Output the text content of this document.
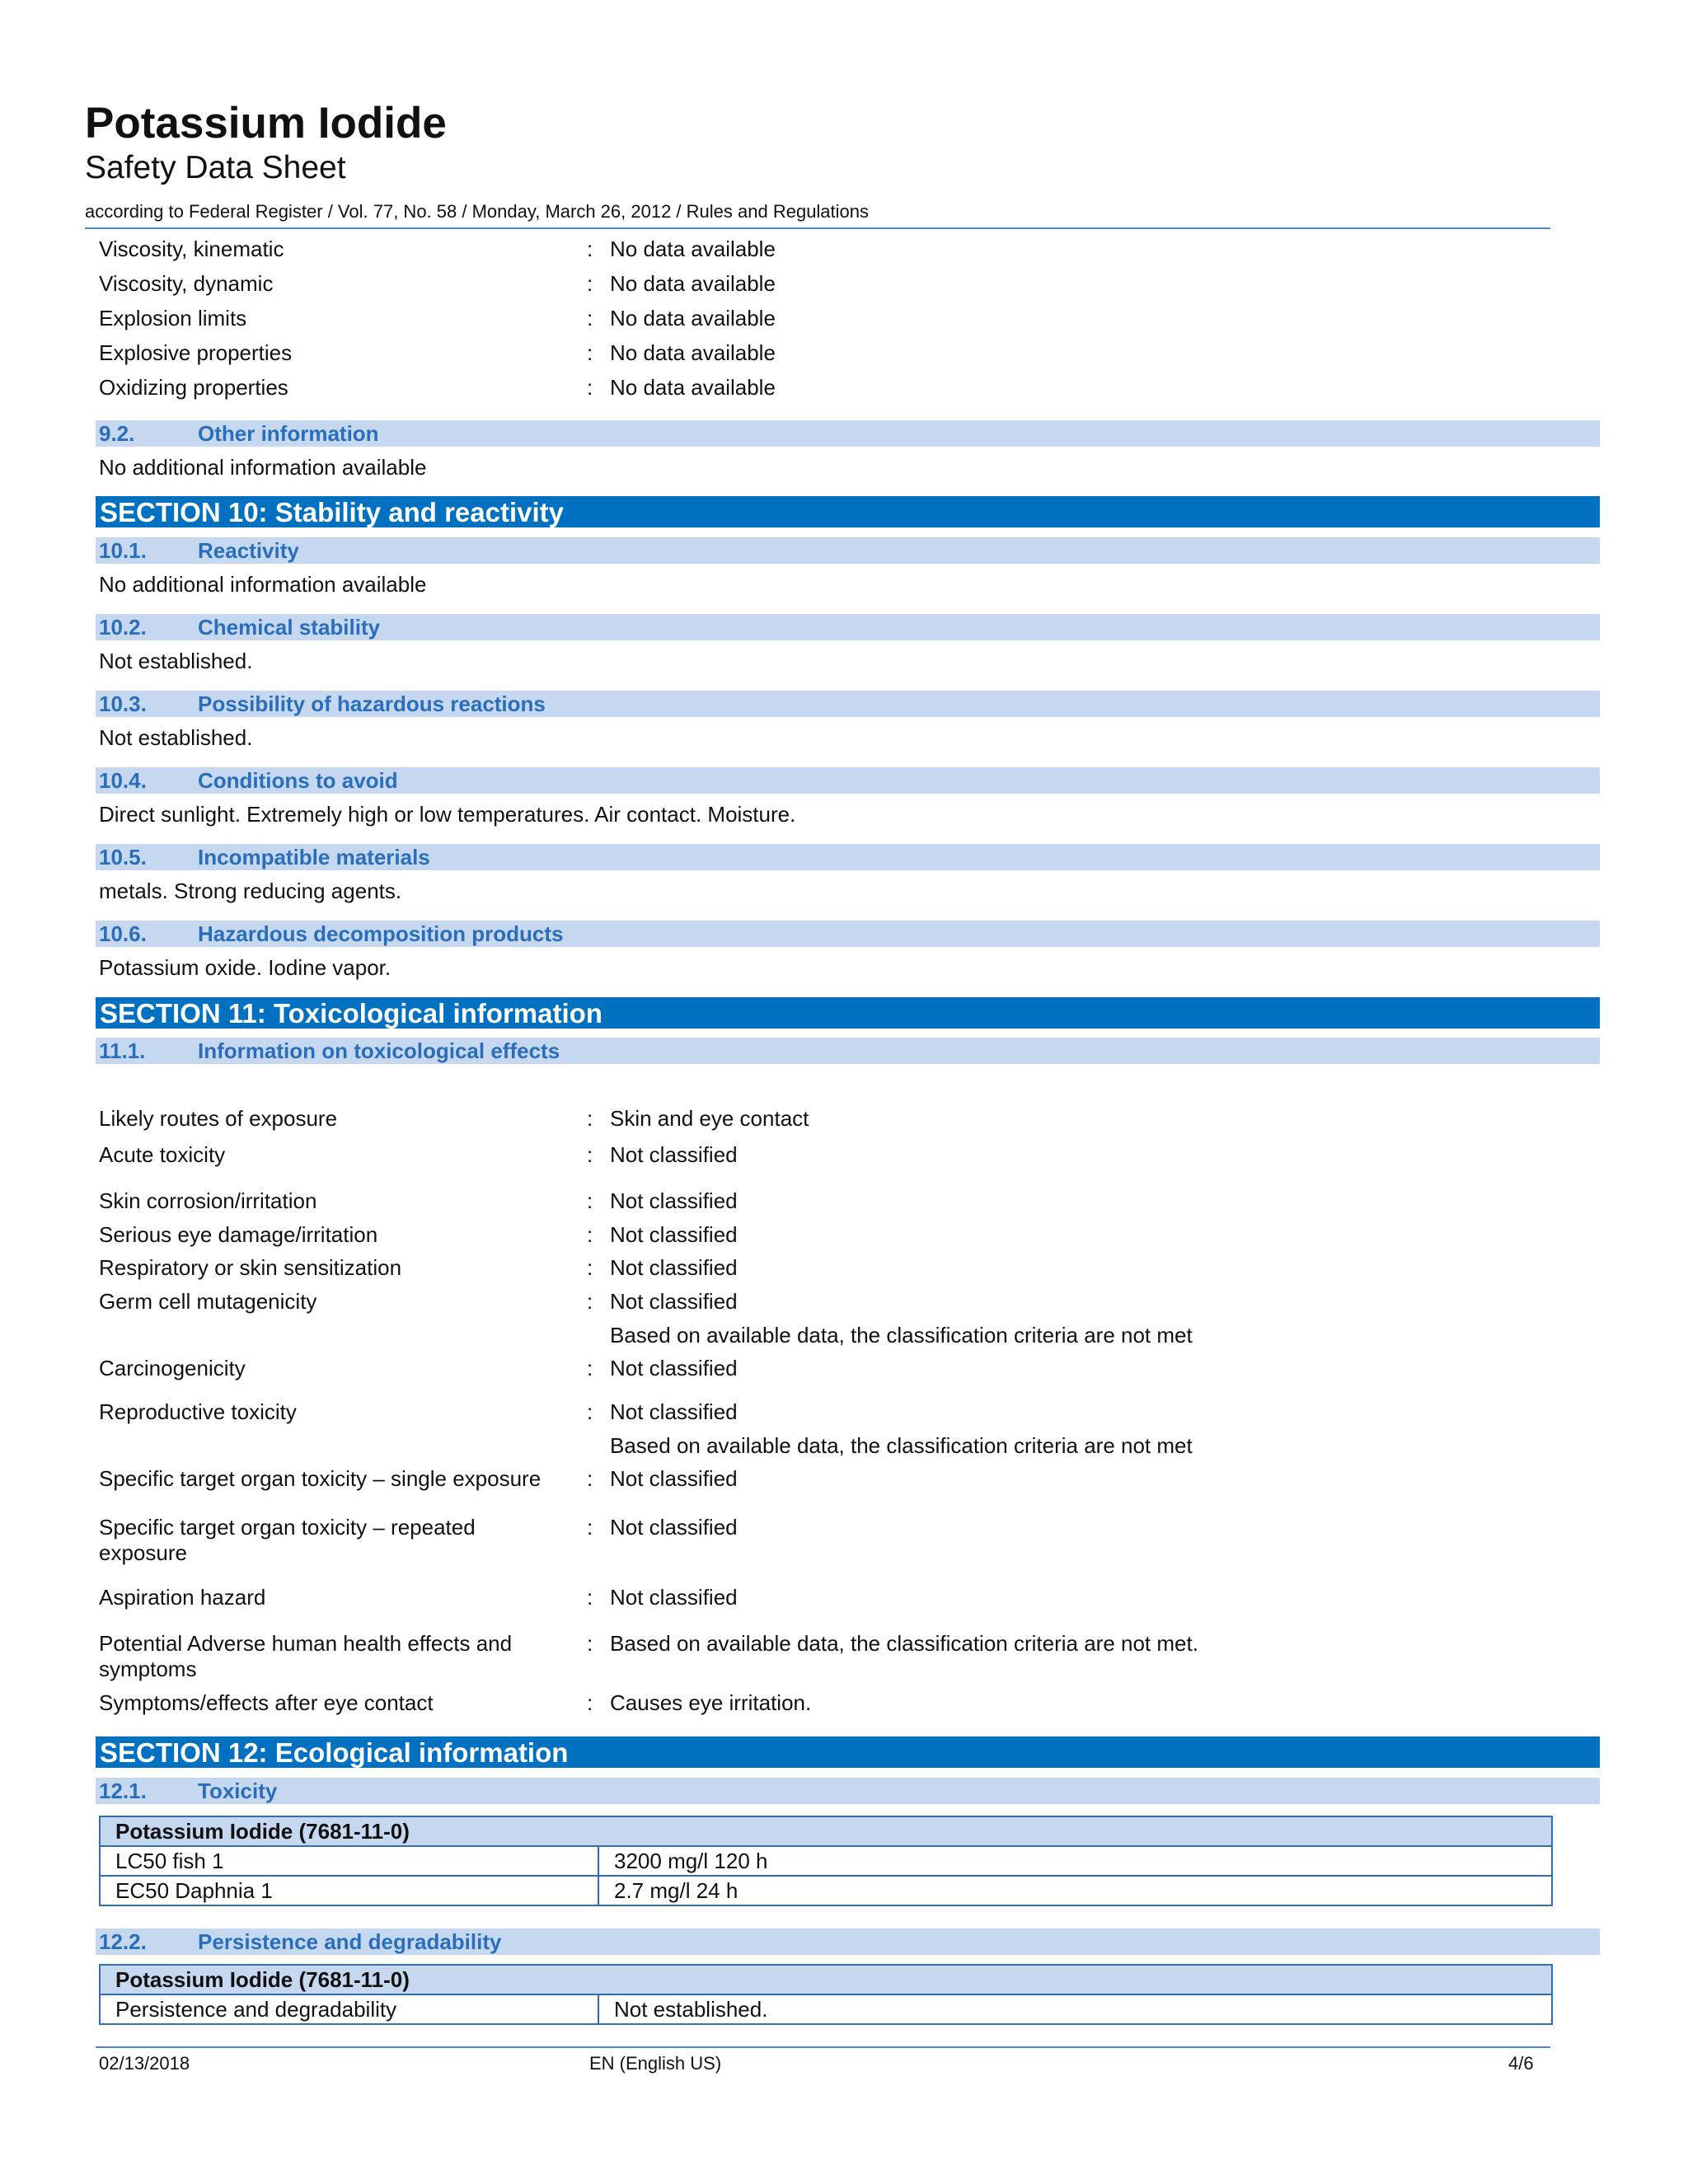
Potassium Iodide
Safety Data Sheet
according to Federal Register / Vol. 77, No. 58 / Monday, March 26, 2012 / Rules and Regulations
Viscosity, kinematic	: No data available
Viscosity, dynamic	: No data available
Explosion limits	: No data available
Explosive properties	: No data available
Oxidizing properties	: No data available
9.2.	Other information
No additional information available
SECTION 10: Stability and reactivity
10.1. Reactivity
No additional information available
10.2. Chemical stability
Not established.
10.3. Possibility of hazardous reactions
Not established.
10.4. Conditions to avoid
Direct sunlight. Extremely high or low temperatures. Air contact. Moisture.
10.5. Incompatible materials
metals. Strong reducing agents.
10.6. Hazardous decomposition products
Potassium oxide. Iodine vapor.
SECTION 11: Toxicological information
11.1. Information on toxicological effects
Likely routes of exposure	: Skin and eye contact
Acute toxicity	: Not classified
Skin corrosion/irritation	: Not classified
Serious eye damage/irritation	: Not classified
Respiratory or skin sensitization	: Not classified
Germ cell mutagenicity	: Not classified
Based on available data, the classification criteria are not met
Carcinogenicity	: Not classified
Reproductive toxicity	: Not classified
Based on available data, the classification criteria are not met
Specific target organ toxicity – single exposure : Not classified
Specific target organ toxicity – repeated
exposure
: Not classified
Aspiration hazard	: Not classified
Potential Adverse human health effects and
symptoms
: Based on available data, the classification criteria are not met.
Symptoms/effects after eye contact	: Causes eye irritation.
SECTION 12: Ecological information
12.1. Toxicity
Potassium Iodide (7681-11-0)	
LC50 fish 1	3200 mg/l 120 h
EC50 Daphnia 1	2.7 mg/l 24 h
12.2. Persistence and degradability
Potassium Iodide (7681-11-0)
Persistence and degradability	Not established.
02/13/2018	EN (English US)	4/6
